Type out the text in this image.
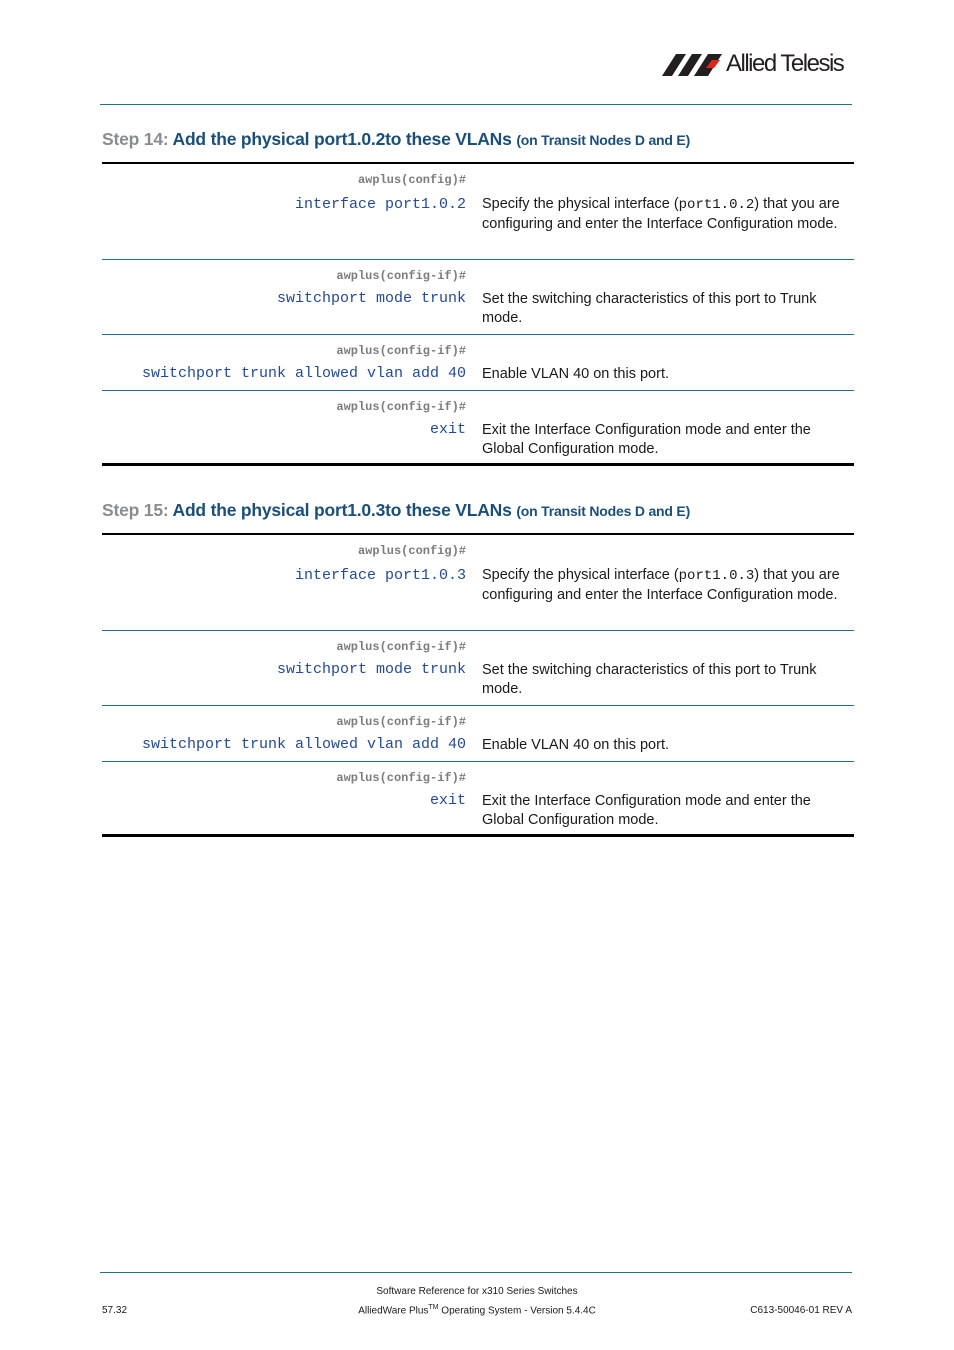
Allied Telesis
Step 14: Add the physical port1.0.2to these VLANs (on Transit Nodes D and E)
awplus(config)#
interface port1.0.2 Specify the physical interface (port1.0.2) that you are configuring and enter the Interface Configuration mode.
awplus(config-if)#
switchport mode trunk Set the switching characteristics of this port to Trunk mode.
awplus(config-if)#
switchport trunk allowed vlan add 40 Enable VLAN 40 on this port.
awplus(config-if)#
exit Exit the Interface Configuration mode and enter the Global Configuration mode.
Step 15: Add the physical port1.0.3to these VLANs (on Transit Nodes D and E)
awplus(config)#
interface port1.0.3 Specify the physical interface (port1.0.3) that you are configuring and enter the Interface Configuration mode.
awplus(config-if)#
switchport mode trunk Set the switching characteristics of this port to Trunk mode.
awplus(config-if)#
switchport trunk allowed vlan add 40 Enable VLAN 40 on this port.
awplus(config-if)#
exit Exit the Interface Configuration mode and enter the Global Configuration mode.
Software Reference for x310 Series Switches
AlliedWare Plus™ Operating System - Version 5.4.4C
57.32	C613-50046-01 REV A
